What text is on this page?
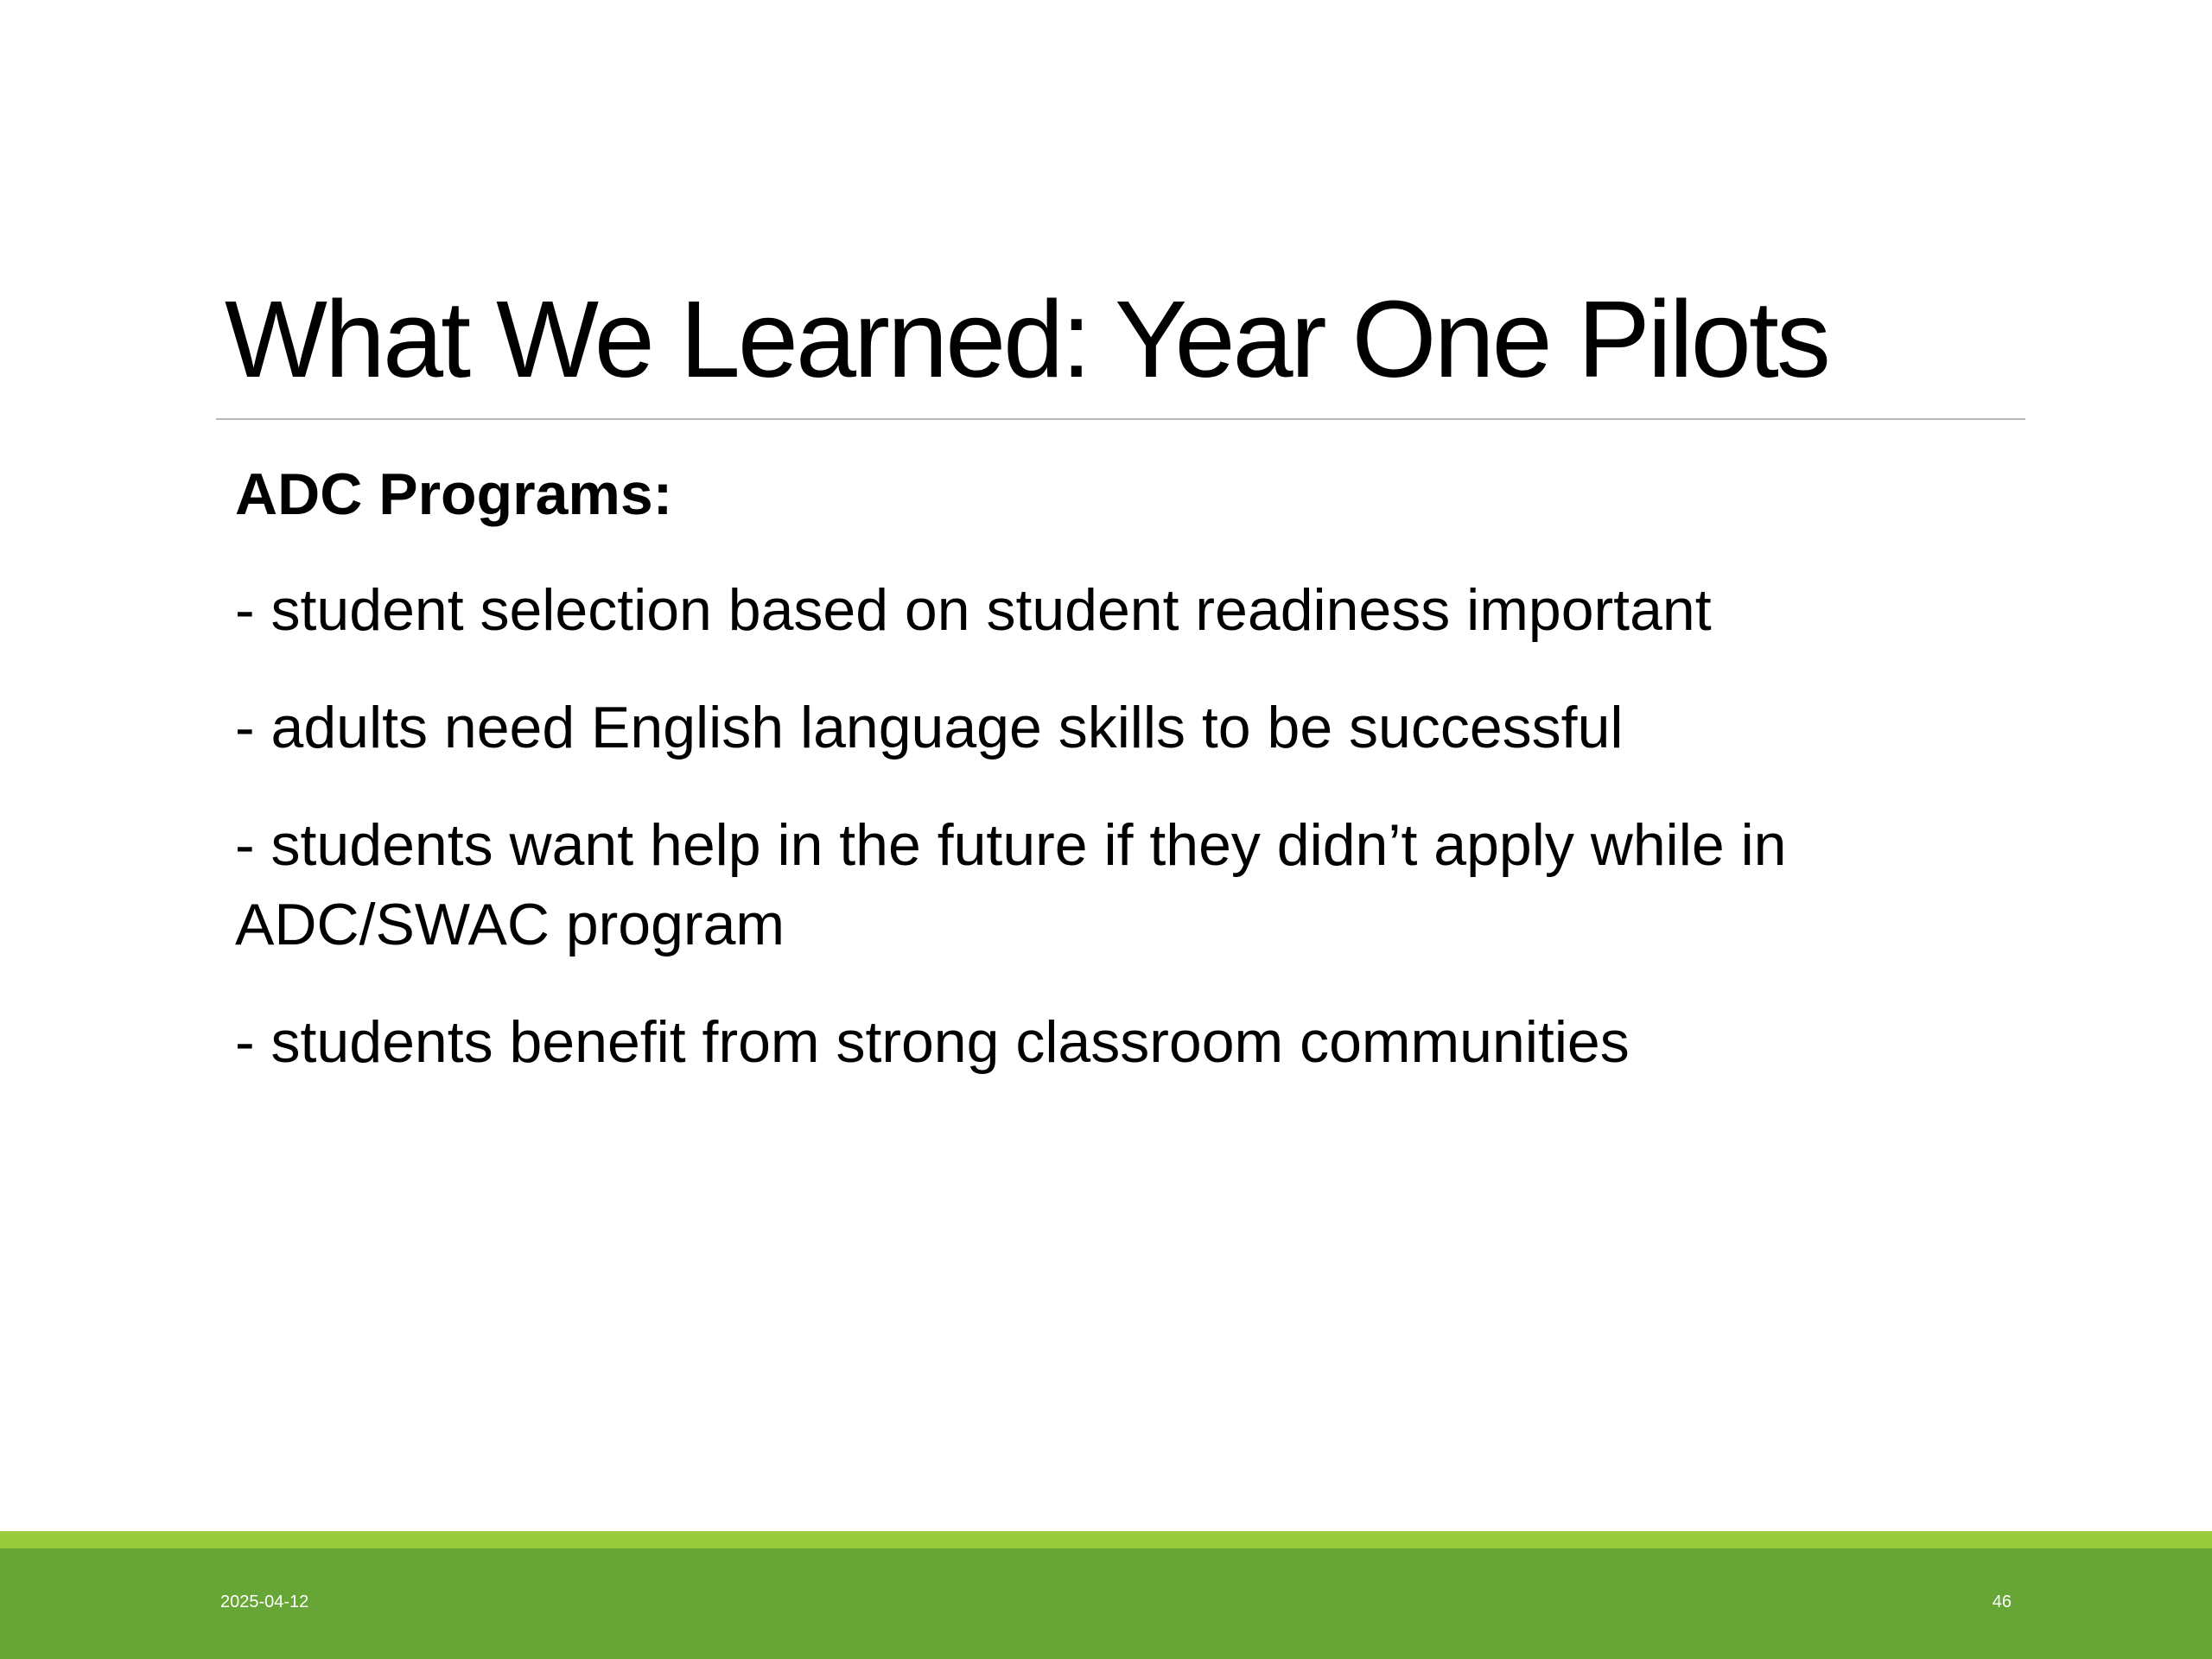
What We Learned: Year One Pilots

ADC Programs:

- student selection based on student readiness important
- adults need English language skills to be successful
- students want help in the future if they didn’t apply while in ADC/SWAC program
- students benefit from strong classroom communities
2025-04-12	46
